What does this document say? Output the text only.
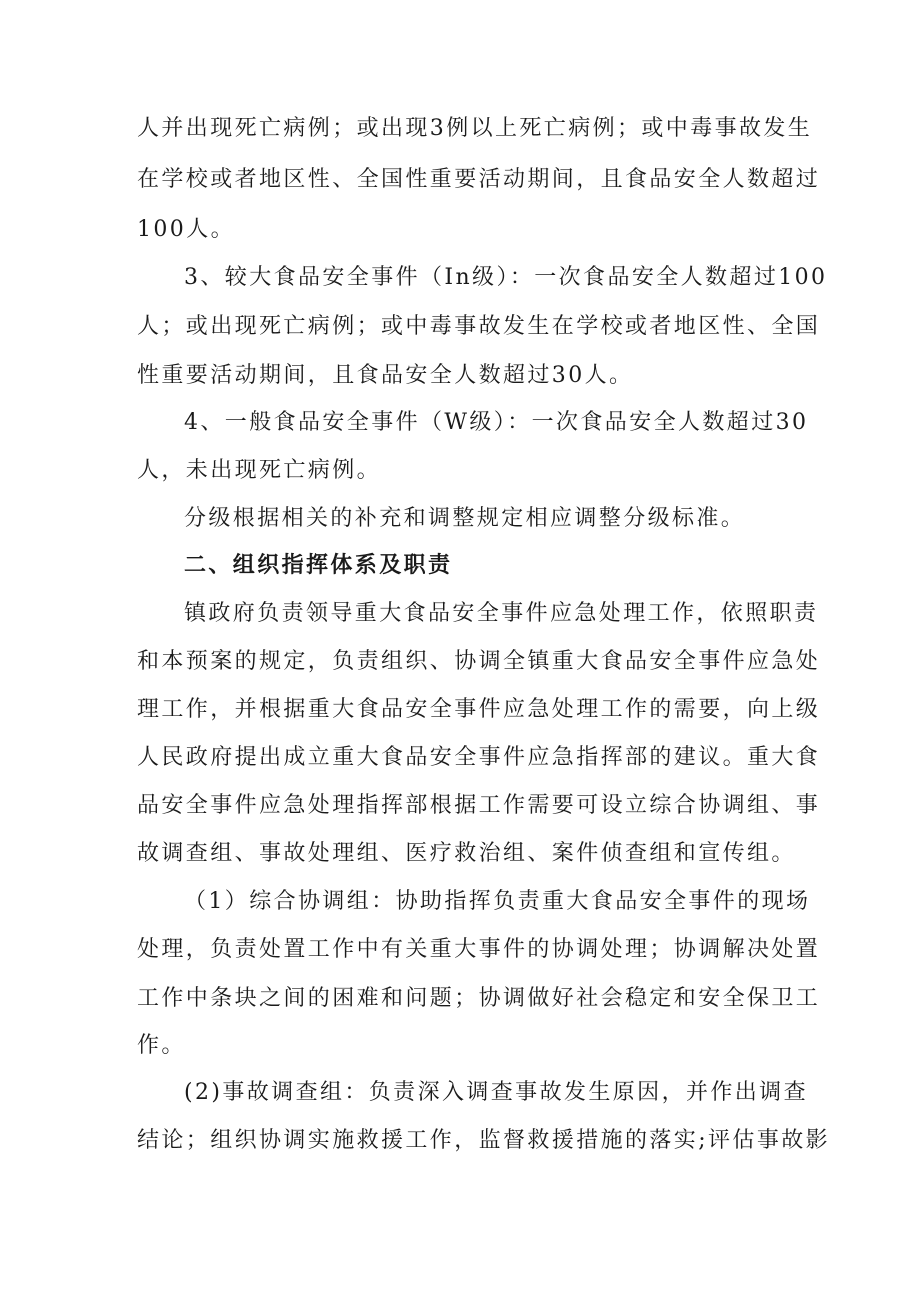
人并出现死亡病例；或出现3例以上死亡病例；或中毒事故发生
在学校或者地区性、全国性重要活动期间，且食品安全人数超过
100人。
3、较大食品安全事件（In级）：一次食品安全人数超过100
人；或出现死亡病例；或中毒事故发生在学校或者地区性、全国
性重要活动期间，且食品安全人数超过30人。
4、一般食品安全事件（W级）：一次食品安全人数超过30
人，未出现死亡病例。
分级根据相关的补充和调整规定相应调整分级标准。
二、组织指挥体系及职责
镇政府负责领导重大食品安全事件应急处理工作，依照职责
和本预案的规定，负责组织、协调全镇重大食品安全事件应急处
理工作，并根据重大食品安全事件应急处理工作的需要，向上级
人民政府提出成立重大食品安全事件应急指挥部的建议。重大食
品安全事件应急处理指挥部根据工作需要可设立综合协调组、事
故调查组、事故处理组、医疗救治组、案件侦查组和宣传组。
（1）综合协调组：协助指挥负责重大食品安全事件的现场
处理，负责处置工作中有关重大事件的协调处理；协调解决处置
工作中条块之间的困难和问题；协调做好社会稳定和安全保卫工
作。
(2)事故调查组：负责深入调查事故发生原因，并作出调查
结论；组织协调实施救援工作，监督救援措施的落实;评估事故影
